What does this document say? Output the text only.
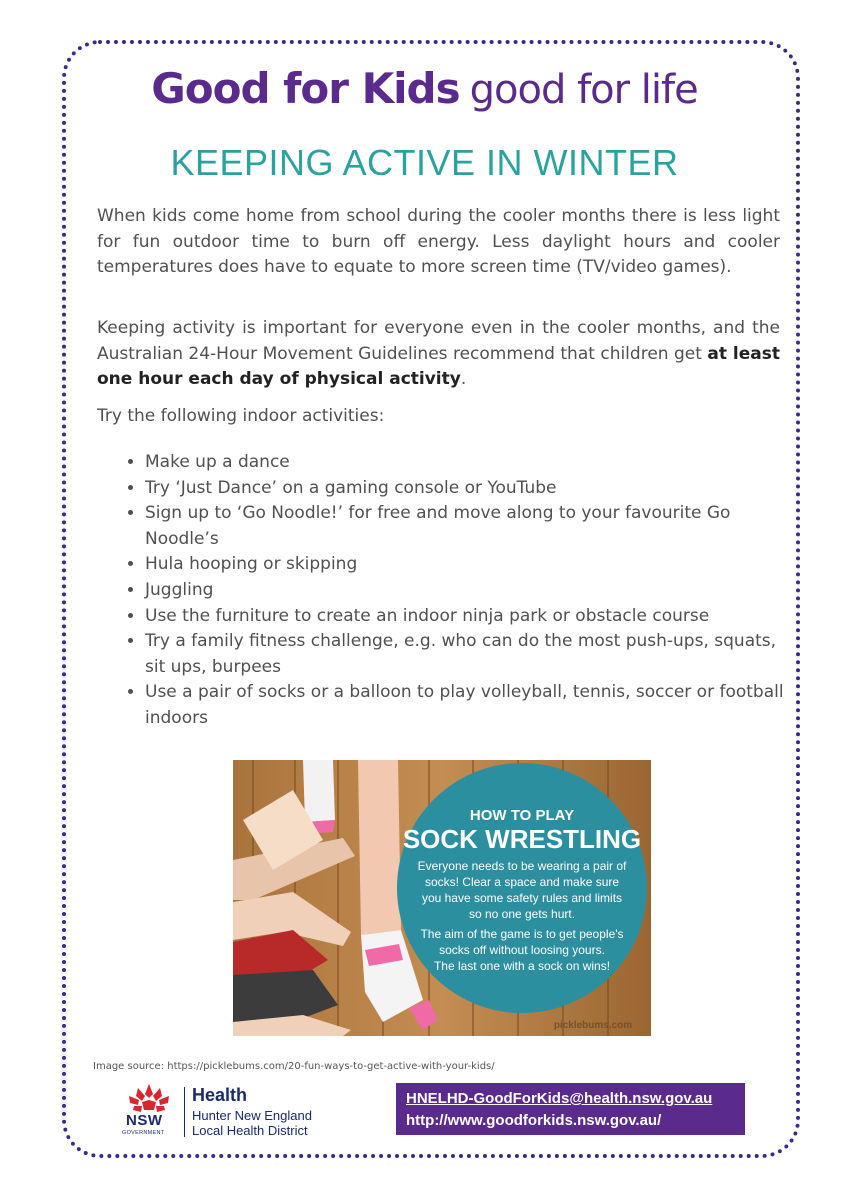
Good for Kids good for life
KEEPING ACTIVE IN WINTER

When kids come home from school during the cooler months there is less light for fun outdoor time to burn off energy. Less daylight hours and cooler temperatures does have to equate to more screen time (TV/video games).

Keeping activity is important for everyone even in the cooler months, and the Australian 24-Hour Movement Guidelines recommend that children get at least one hour each day of physical activity.

Try the following indoor activities:

• Make up a dance
• Try ‘Just Dance’ on a gaming console or YouTube
• Sign up to ‘Go Noodle!’ for free and move along to your favourite Go Noodle’s
• Hula hooping or skipping
• Juggling
• Use the furniture to create an indoor ninja park or obstacle course
• Try a family fitness challenge, e.g. who can do the most push-ups, squats, sit ups, burpees
• Use a pair of socks or a balloon to play volleyball, tennis, soccer or football indoors
HOW TO PLAY
SOCK WRESTLING
Everyone needs to be wearing a pair of
socks! Clear a space and make sure
you have some safety rules and limits
so no one gets hurt.
The aim of the game is to get people's
socks off without loosing yours.
The last one with a sock on wins!
picklebums.com
Image source: https://picklebums.com/20-fun-ways-to-get-active-with-your-kids/
NSW
GOVERNMENT
Health
Hunter New England
Local Health District
HNELHD-GoodForKids@health.nsw.gov.au
http://www.goodforkids.nsw.gov.au/
